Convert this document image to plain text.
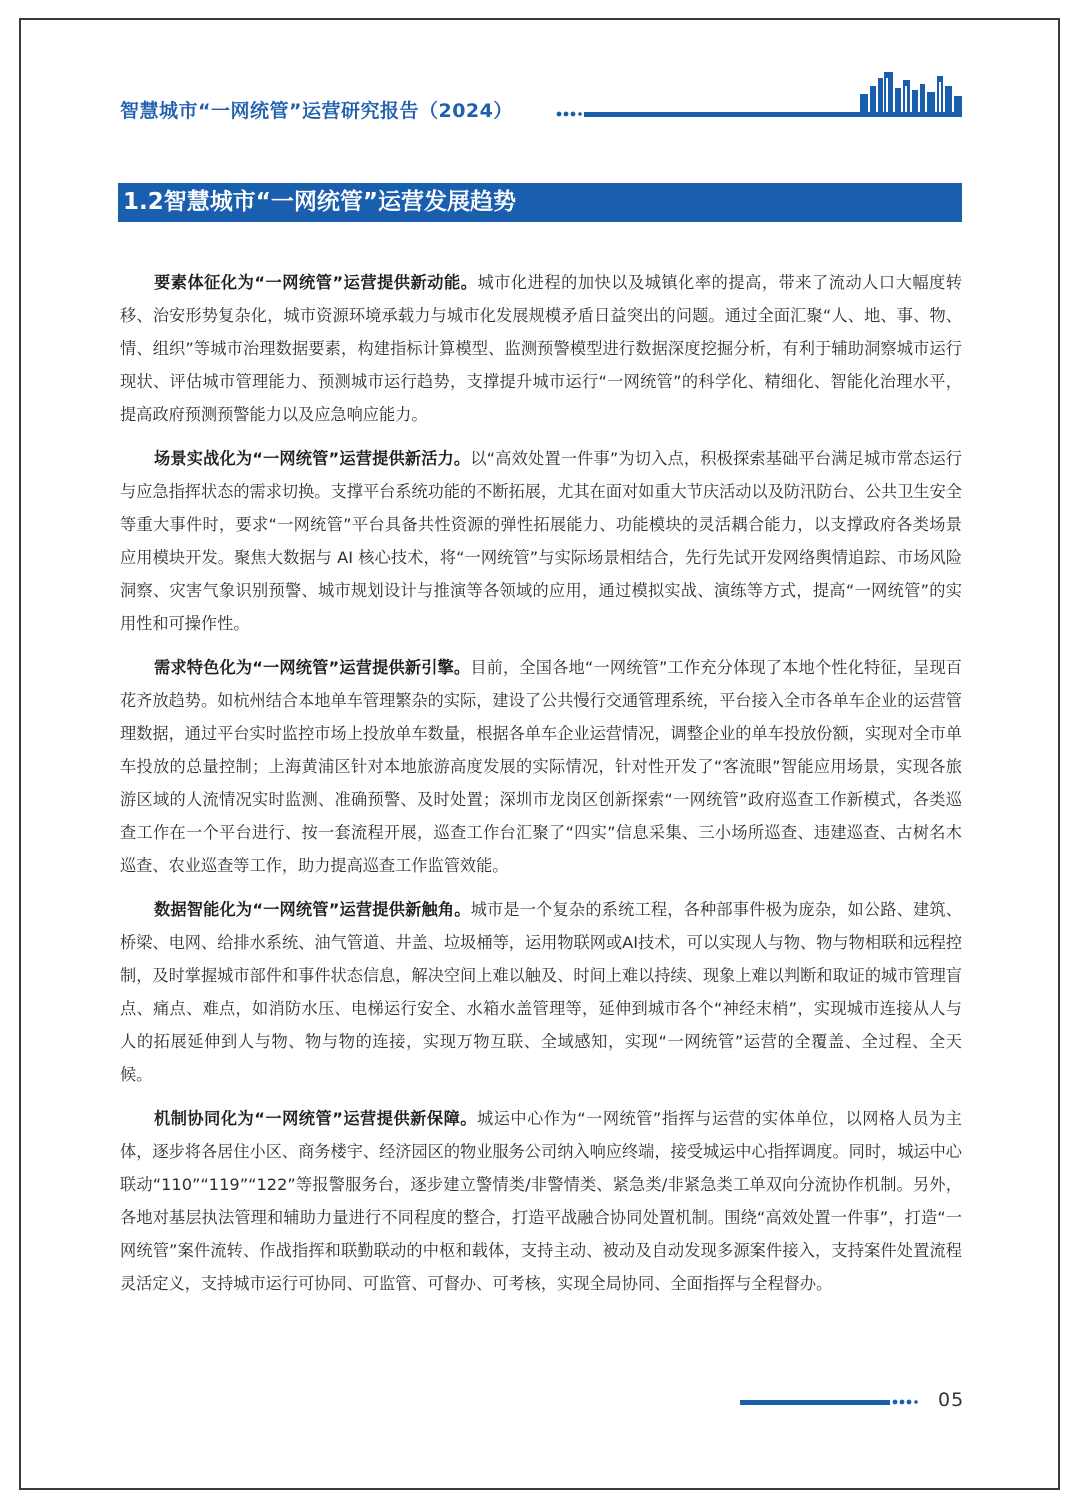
智慧城市“一网统管”运营研究报告（2024）
1.2智慧城市“一网统管”运营发展趋势

要素体征化为“一网统管”运营提供新动能。城市化进程的加快以及城镇化率的提高，带来了流动人口大幅度转移、治安形势复杂化，城市资源环境承载力与城市化发展规模矛盾日益突出的问题。通过全面汇聚“人、地、事、物、情、组织”等城市治理数据要素，构建指标计算模型、监测预警模型进行数据深度挖掘分析，有利于辅助洞察城市运行现状、评估城市管理能力、预测城市运行趋势，支撑提升城市运行“一网统管”的科学化、精细化、智能化治理水平，提高政府预测预警能力以及应急响应能力。

场景实战化为“一网统管”运营提供新活力。以“高效处置一件事”为切入点，积极探索基础平台满足城市常态运行与应急指挥状态的需求切换。支撑平台系统功能的不断拓展，尤其在面对如重大节庆活动以及防汛防台、公共卫生安全等重大事件时，要求“一网统管”平台具备共性资源的弹性拓展能力、功能模块的灵活耦合能力，以支撑政府各类场景应用模块开发。聚焦大数据与 AI 核心技术，将“一网统管”与实际场景相结合，先行先试开发网络舆情追踪、市场风险洞察、灾害气象识别预警、城市规划设计与推演等各领域的应用，通过模拟实战、演练等方式，提高“一网统管”的实用性和可操作性。

需求特色化为“一网统管”运营提供新引擎。目前，全国各地“一网统管”工作充分体现了本地个性化特征，呈现百花齐放趋势。如杭州结合本地单车管理繁杂的实际，建设了公共慢行交通管理系统，平台接入全市各单车企业的运营管理数据，通过平台实时监控市场上投放单车数量，根据各单车企业运营情况，调整企业的单车投放份额，实现对全市单车投放的总量控制；上海黄浦区针对本地旅游高度发展的实际情况，针对性开发了“客流眼”智能应用场景，实现各旅游区域的人流情况实时监测、准确预警、及时处置；深圳市龙岗区创新探索“一网统管”政府巡查工作新模式，各类巡查工作在一个平台进行、按一套流程开展，巡查工作台汇聚了“四实”信息采集、三小场所巡查、违建巡查、古树名木巡查、农业巡查等工作，助力提高巡查工作监管效能。

数据智能化为“一网统管”运营提供新触角。城市是一个复杂的系统工程，各种部事件极为庞杂，如公路、建筑、桥梁、电网、给排水系统、油气管道、井盖、垃圾桶等，运用物联网或AI技术，可以实现人与物、物与物相联和远程控制，及时掌握城市部件和事件状态信息，解决空间上难以触及、时间上难以持续、现象上难以判断和取证的城市管理盲点、痛点、难点，如消防水压、电梯运行安全、水箱水盖管理等，延伸到城市各个“神经末梢”，实现城市连接从人与人的拓展延伸到人与物、物与物的连接，实现万物互联、全域感知，实现“一网统管”运营的全覆盖、全过程、全天候。

机制协同化为“一网统管”运营提供新保障。城运中心作为“一网统管”指挥与运营的实体单位，以网格人员为主体，逐步将各居住小区、商务楼宇、经济园区的物业服务公司纳入响应终端，接受城运中心指挥调度。同时，城运中心联动“110”“119”“122”等报警服务台，逐步建立警情类/非警情类、紧急类/非紧急类工单双向分流协作机制。另外，各地对基层执法管理和辅助力量进行不同程度的整合，打造平战融合协同处置机制。围绕“高效处置一件事”，打造“一网统管”案件流转、作战指挥和联勤联动的中枢和载体，支持主动、被动及自动发现多源案件接入，支持案件处置流程灵活定义，支持城市运行可协同、可监管、可督办、可考核，实现全局协同、全面指挥与全程督办。

05
